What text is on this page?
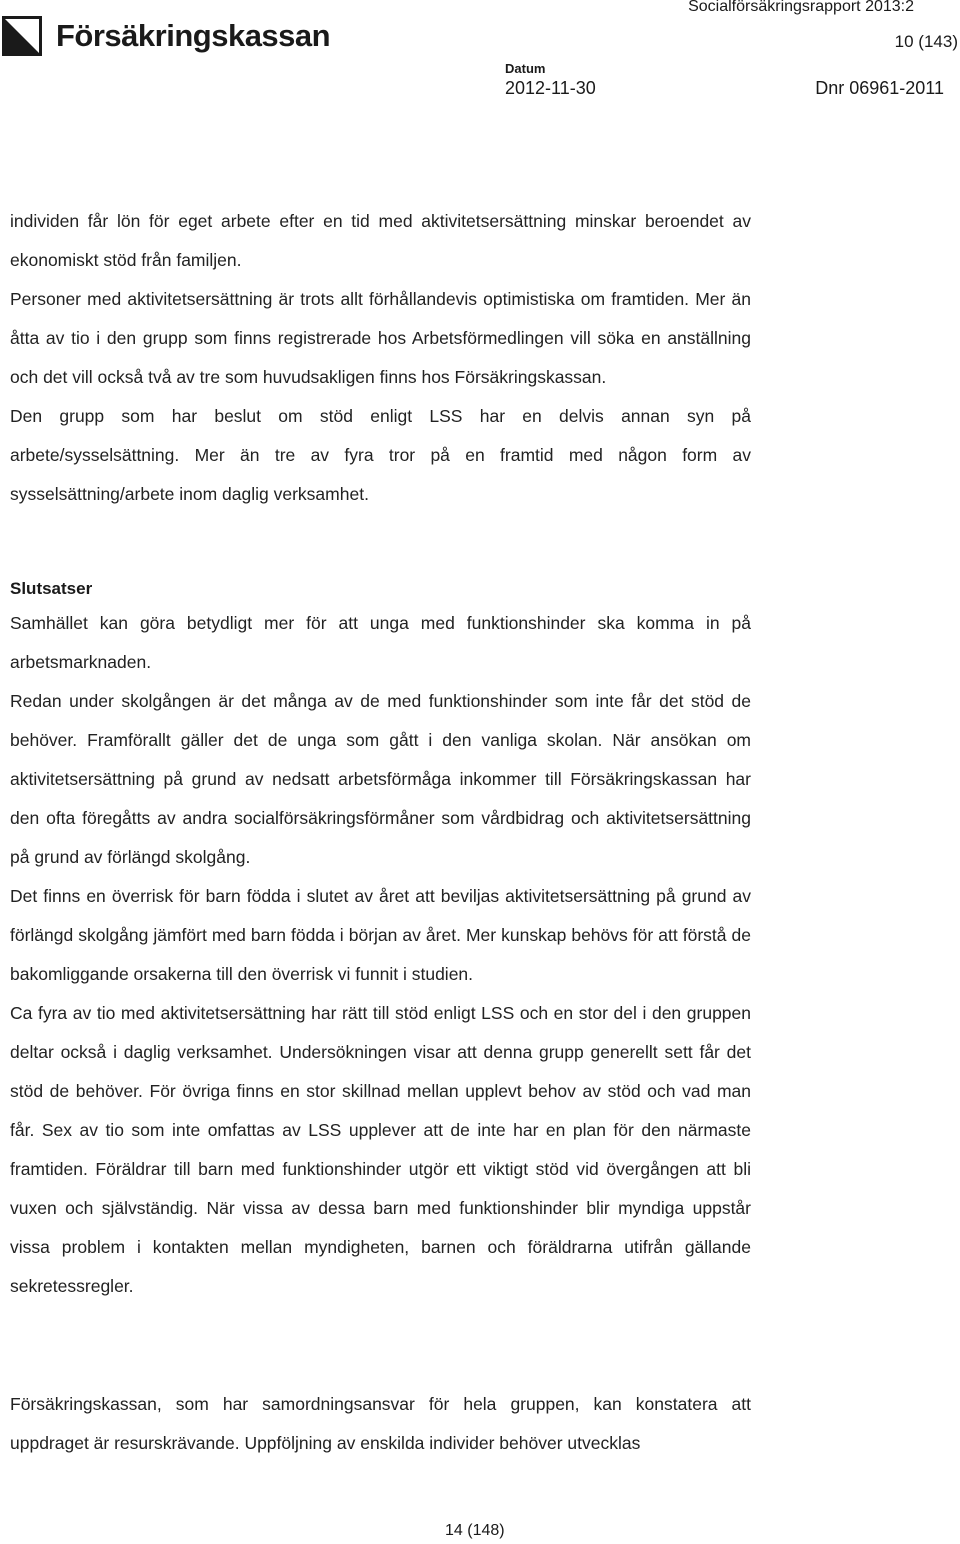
Försäkringskassan
Socialförsäkringsrapport 2013:2
10 (143)
Datum
2012-11-30	Dnr 06961-2011

individen får lön för eget arbete efter en tid med aktivitetsersättning minskar beroendet av ekonomiskt stöd från familjen.

Personer med aktivitetsersättning är trots allt förhållandevis optimistiska om framtiden. Mer än åtta av tio i den grupp som finns registrerade hos Arbetsförmedlingen vill söka en anställning och det vill också två av tre som huvudsakligen finns hos Försäkringskassan.

Den grupp som har beslut om stöd enligt LSS har en delvis annan syn på arbete/sysselsättning. Mer än tre av fyra tror på en framtid med någon form av sysselsättning/arbete inom daglig verksamhet.

Slutsatser

Samhället kan göra betydligt mer för att unga med funktionshinder ska komma in på arbetsmarknaden.

Redan under skolgången är det många av de med funktionshinder som inte får det stöd de behöver. Framförallt gäller det de unga som gått i den vanliga skolan. När ansökan om aktivitetsersättning på grund av nedsatt arbetsförmåga inkommer till Försäkringskassan har den ofta föregåtts av andra socialförsäkringsförmåner som vårdbidrag och aktivitetsersättning på grund av förlängd skolgång.

Det finns en överrisk för barn födda i slutet av året att beviljas aktivitetsersättning på grund av förlängd skolgång jämfört med barn födda i början av året. Mer kunskap behövs för att förstå de bakomliggande orsakerna till den överrisk vi funnit i studien.

Ca fyra av tio med aktivitetsersättning har rätt till stöd enligt LSS och en stor del i den gruppen deltar också i daglig verksamhet. Undersökningen visar att denna grupp generellt sett får det stöd de behöver. För övriga finns en stor skillnad mellan upplevt behov av stöd och vad man får. Sex av tio som inte omfattas av LSS upplever att de inte har en plan för den närmaste framtiden. Föräldrar till barn med funktionshinder utgör ett viktigt stöd vid övergången att bli vuxen och självständig. När vissa av dessa barn med funktionshinder blir myndiga uppstår vissa problem i kontakten mellan myndigheten, barnen och föräldrarna utifrån gällande sekretessregler.

Försäkringskassan, som har samordningsansvar för hela gruppen, kan konstatera att uppdraget är resurskrävande. Uppföljning av enskilda individer behöver utvecklas

14 (148)
